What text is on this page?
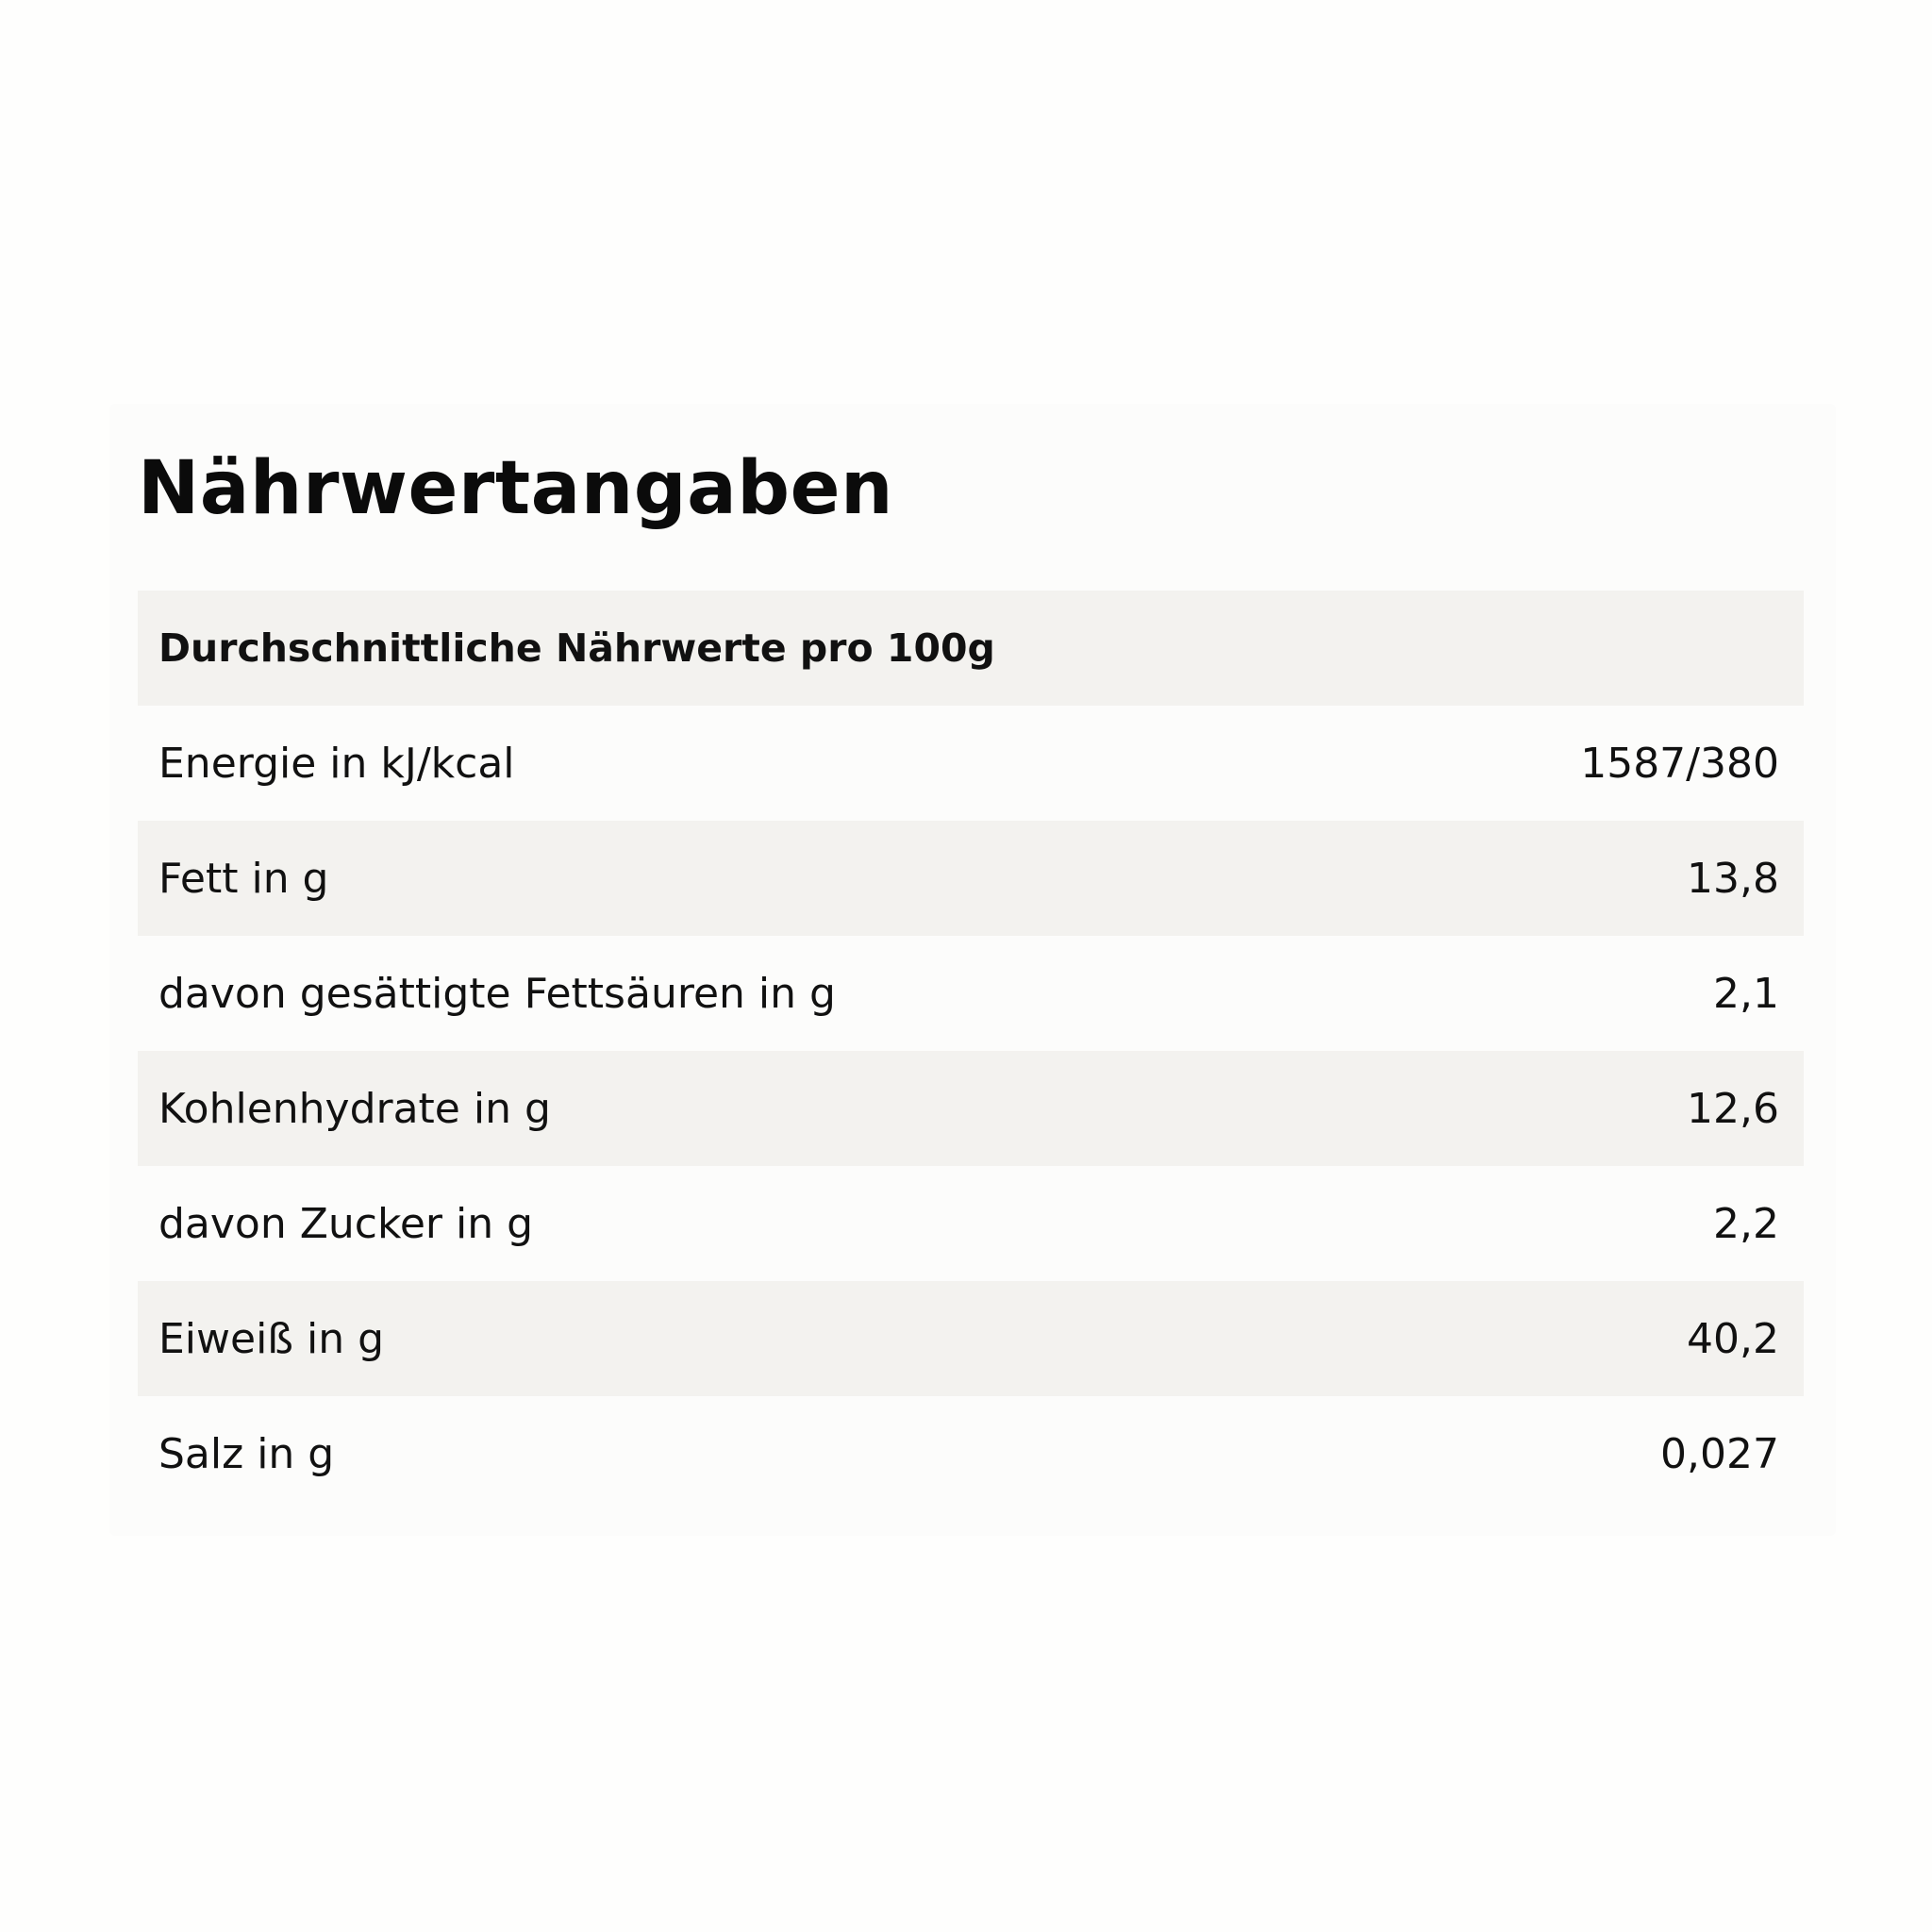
Nährwertangaben
Durchschnittliche Nährwerte pro 100g
Energie in kJ/kcal	1587/380
Fett in g	13,8
davon gesättigte Fettsäuren in g	2,1
Kohlenhydrate in g	12,6
davon Zucker in g	2,2
Eiweiß in g	40,2
Salz in g	0,027
